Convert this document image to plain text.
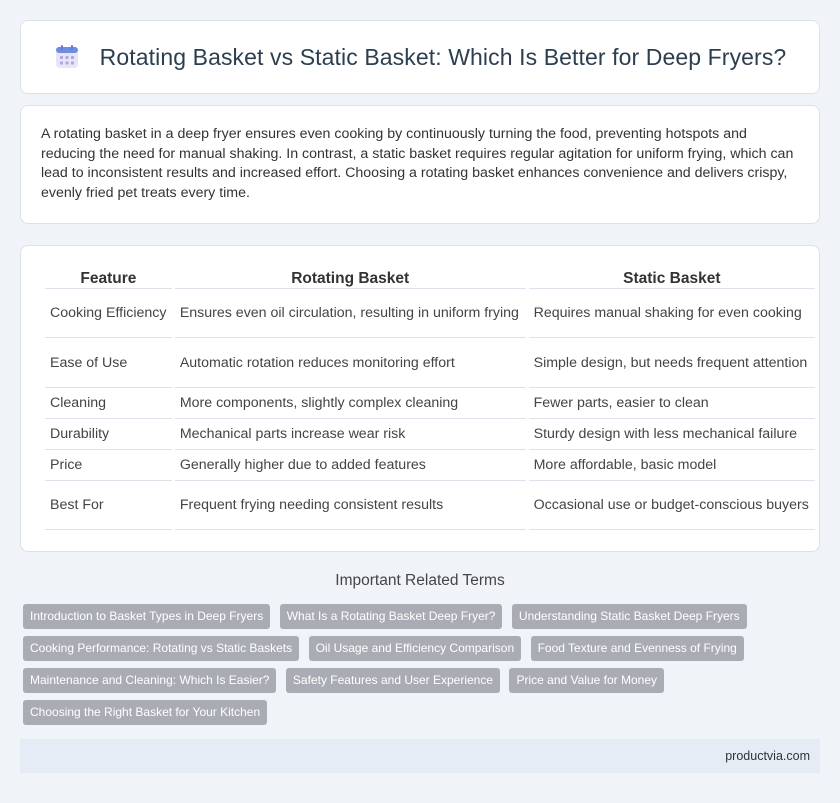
Rotating Basket vs Static Basket: Which Is Better for Deep Fryers?

A rotating basket in a deep fryer ensures even cooking by continuously turning the food, preventing hotspots and reducing the need for manual shaking. In contrast, a static basket requires regular agitation for uniform frying, which can lead to inconsistent results and increased effort. Choosing a rotating basket enhances convenience and delivers crispy, evenly fried pet treats every time.

Feature	Rotating Basket	Static Basket
Cooking Efficiency	Ensures even oil circulation, resulting in uniform frying	Requires manual shaking for even cooking
Ease of Use	Automatic rotation reduces monitoring effort	Simple design, but needs frequent attention
Cleaning	More components, slightly complex cleaning	Fewer parts, easier to clean
Durability	Mechanical parts increase wear risk	Sturdy design with less mechanical failure
Price	Generally higher due to added features	More affordable, basic model
Best For	Frequent frying needing consistent results	Occasional use or budget-conscious buyers
Important Related Terms
Introduction to Basket Types in Deep Fryers What Is a Rotating Basket Deep Fryer? Understanding Static Basket Deep Fryers Cooking Performance: Rotating vs Static Baskets Oil Usage and Efficiency Comparison Food Texture and Evenness of Frying Maintenance and Cleaning: Which Is Easier? Safety Features and User Experience Price and Value for Money Choosing the Right Basket for Your Kitchen
productvia.com
